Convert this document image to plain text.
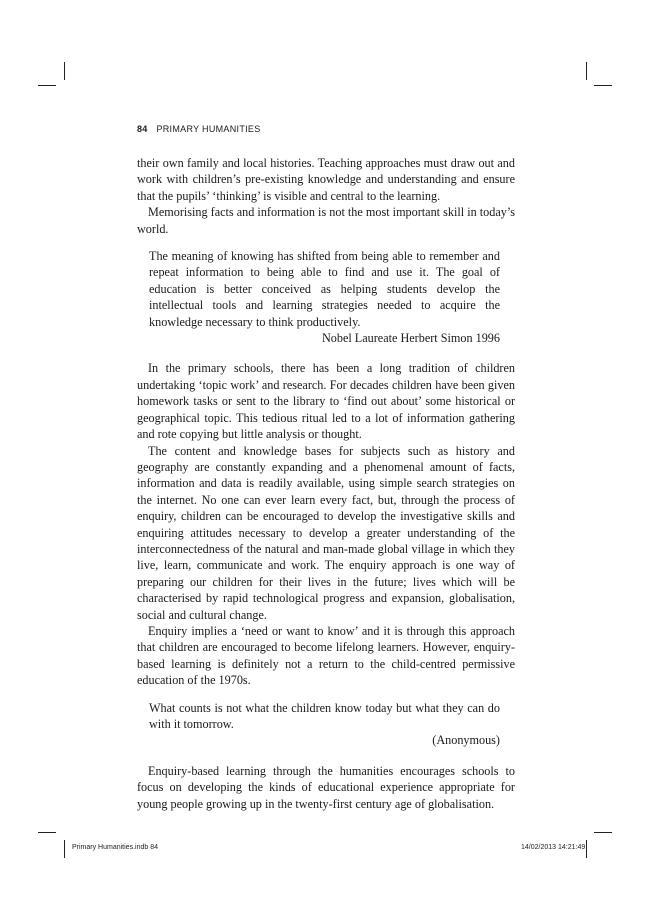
84 PRIMARY HUMANITIES

their own family and local histories. Teaching approaches must draw out and work with children’s pre-existing knowledge and understanding and ensure that the pupils’ ‘thinking’ is visible and central to the learning.

Memorising facts and information is not the most important skill in today’s world.

The meaning of knowing has shifted from being able to remember and repeat information to being able to find and use it. The goal of education is better conceived as helping students develop the intellectual tools and learning strategies needed to acquire the knowledge necessary to think productively.
Nobel Laureate Herbert Simon 1996

In the primary schools, there has been a long tradition of children undertaking ‘topic work’ and research. For decades children have been given homework tasks or sent to the library to ‘find out about’ some historical or geographical topic. This tedious ritual led to a lot of information gathering and rote copying but little analysis or thought.

The content and knowledge bases for subjects such as history and geography are constantly expanding and a phenomenal amount of facts, information and data is readily available, using simple search strategies on the internet. No one can ever learn every fact, but, through the process of enquiry, children can be encouraged to develop the investigative skills and enquiring attitudes necessary to develop a greater understanding of the interconnectedness of the natural and man-made global village in which they live, learn, communicate and work. The enquiry approach is one way of preparing our children for their lives in the future; lives which will be characterised by rapid technological progress and expansion, globalisation, social and cultural change.

Enquiry implies a ‘need or want to know’ and it is through this approach that children are encouraged to become lifelong learners. However, enquiry-based learning is definitely not a return to the child-centred permissive education of the 1970s.

What counts is not what the children know today but what they can do with it tomorrow.
(Anonymous)

Enquiry-based learning through the humanities encourages schools to focus on developing the kinds of educational experience appropriate for young people growing up in the twenty-first century age of globalisation.

Primary Humanities.indb 84	14/02/2013 14:21:49
